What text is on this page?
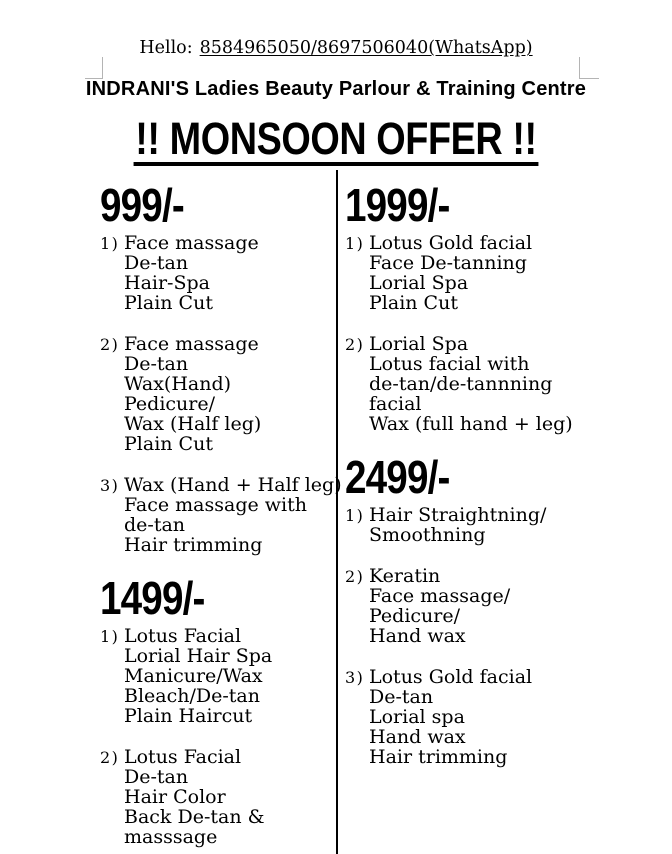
Hello: 8584965050/8697506040(WhatsApp)
INDRANI'S Ladies Beauty Parlour & Training Centre
!! MONSOON OFFER !!
999/-
1) Face massage
De-tan
Hair-Spa
Plain Cut
2) Face massage
De-tan
Wax(Hand)
Pedicure/
Wax (Half leg)
Plain Cut
3) Wax (Hand + Half leg)
Face massage with
de-tan
Hair trimming
1499/-
1) Lotus Facial
Lorial Hair Spa
Manicure/Wax
Bleach/De-tan
Plain Haircut
2) Lotus Facial
De-tan
Hair Color
Back De-tan &
masssage
1999/-
1) Lotus Gold facial
Face De-tanning
Lorial Spa
Plain Cut
2) Lorial Spa
Lotus facial with
de-tan/de-tannning
facial
Wax (full hand + leg)
2499/-
1) Hair Straightning/
Smoothning
2) Keratin
Face massage/
Pedicure/
Hand wax
3) Lotus Gold facial
De-tan
Lorial spa
Hand wax
Hair trimming
